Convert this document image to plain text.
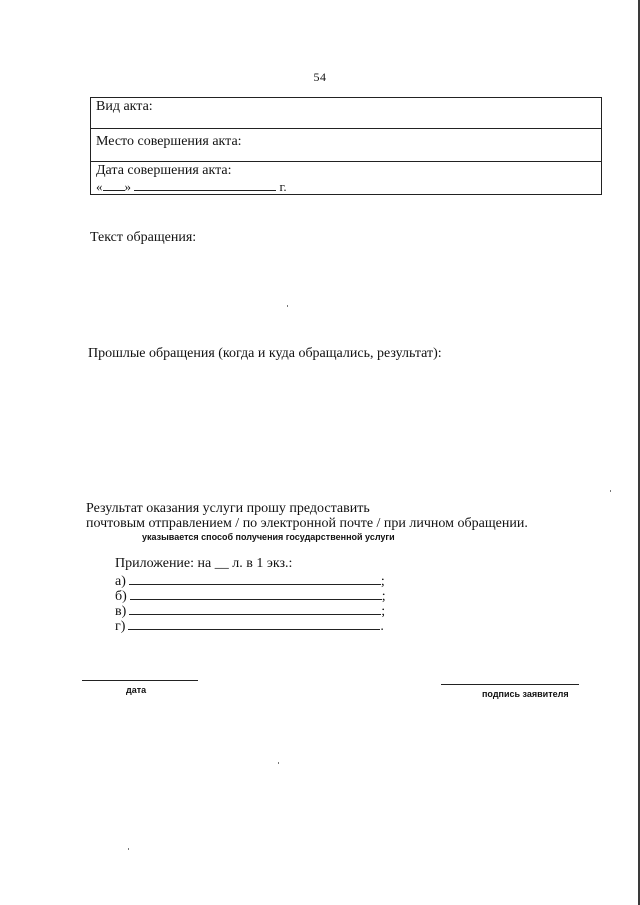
54
Вид акта:
Место совершения акта:
Дата совершения акта:
« »	г.
Текст обращения:
Прошлые обращения (когда и куда обращались, результат):
Результат оказания услуги прошу предоставить
почтовым отправлением / по электронной почте / при личном обращении.
указывается способ получения государственной услуги
Приложение: на __ л. в 1 экз.:
а)	;
б)	;
в)	;
г)	.
дата	подпись заявителя
